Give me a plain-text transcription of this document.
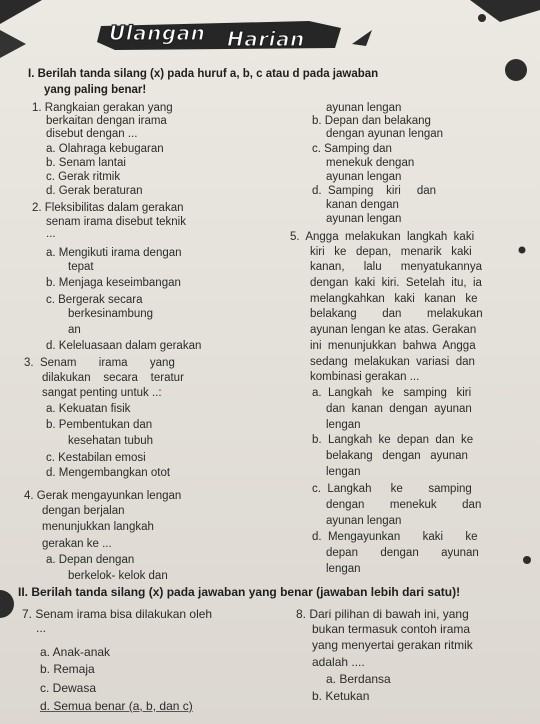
Ulangan Harian
I. Berilah tanda silang (x) pada huruf a, b, c atau d pada jawaban
yang paling benar!
1. Rangkaian gerakan yang
berkaitan dengan irama
disebut dengan ...
a. Olahraga kebugaran
b. Senam lantai
c. Gerak ritmik
d. Gerak beraturan
2. Fleksibilitas dalam gerakan
senam irama disebut teknik
...
a. Mengikuti irama dengan
tepat
b. Menjaga keseimbangan
c. Bergerak secara
berkesinambung
an
d. Keleluasaan dalam gerakan
3.  Senam       irama       yang
dilakukan    secara    teratur
sangat penting untuk ..:
a. Kekuatan fisik
b. Pembentukan dan
kesehatan tubuh
c. Kestabilan emosi
d. Mengembangkan otot
4. Gerak mengayunkan lengan
dengan berjalan
menunjukkan langkah
gerakan ke ...
a. Depan dengan
berkelok- kelok dan
ayunan lengan
b. Depan dan belakang
dengan ayunan lengan
c. Samping dan
menekuk dengan
ayunan lengan
d.  Samping    kiri     dan
kanan dengan
ayunan lengan
5.  Angga  melakukan  langkah  kaki
kiri   ke   depan,   menarik   kaki
kanan,      lalu      menyatukannya
dengan  kaki  kiri.  Setelah  itu,  ia
melangkahkan   kaki   kanan   ke
belakang        dan        melakukan
ayunan lengan ke atas. Gerakan
ini  menunjukkan  bahwa  Angga
sedang  melakukan  variasi  dan
kombinasi gerakan ...
a.  Langkah   ke   samping   kiri
dan  kanan  dengan  ayunan
lengan
b.  Langkah  ke  depan  dan  ke
belakang   dengan   ayunan
lengan
c.  Langkah      ke        samping
dengan        menekuk        dan
ayunan lengan
d.  Mengayunkan       kaki       ke
depan       dengan       ayunan
lengan
II. Berilah tanda silang (x) pada jawaban yang benar (jawaban lebih dari satu)!
7. Senam irama bisa dilakukan oleh
...
a. Anak-anak
b. Remaja
c. Dewasa
d. Semua benar (a, b, dan c)
8. Dari pilihan di bawah ini, yang
bukan termasuk contoh irama
yang menyertai gerakan ritmik
adalah ....
a. Berdansa
b. Ketukan
